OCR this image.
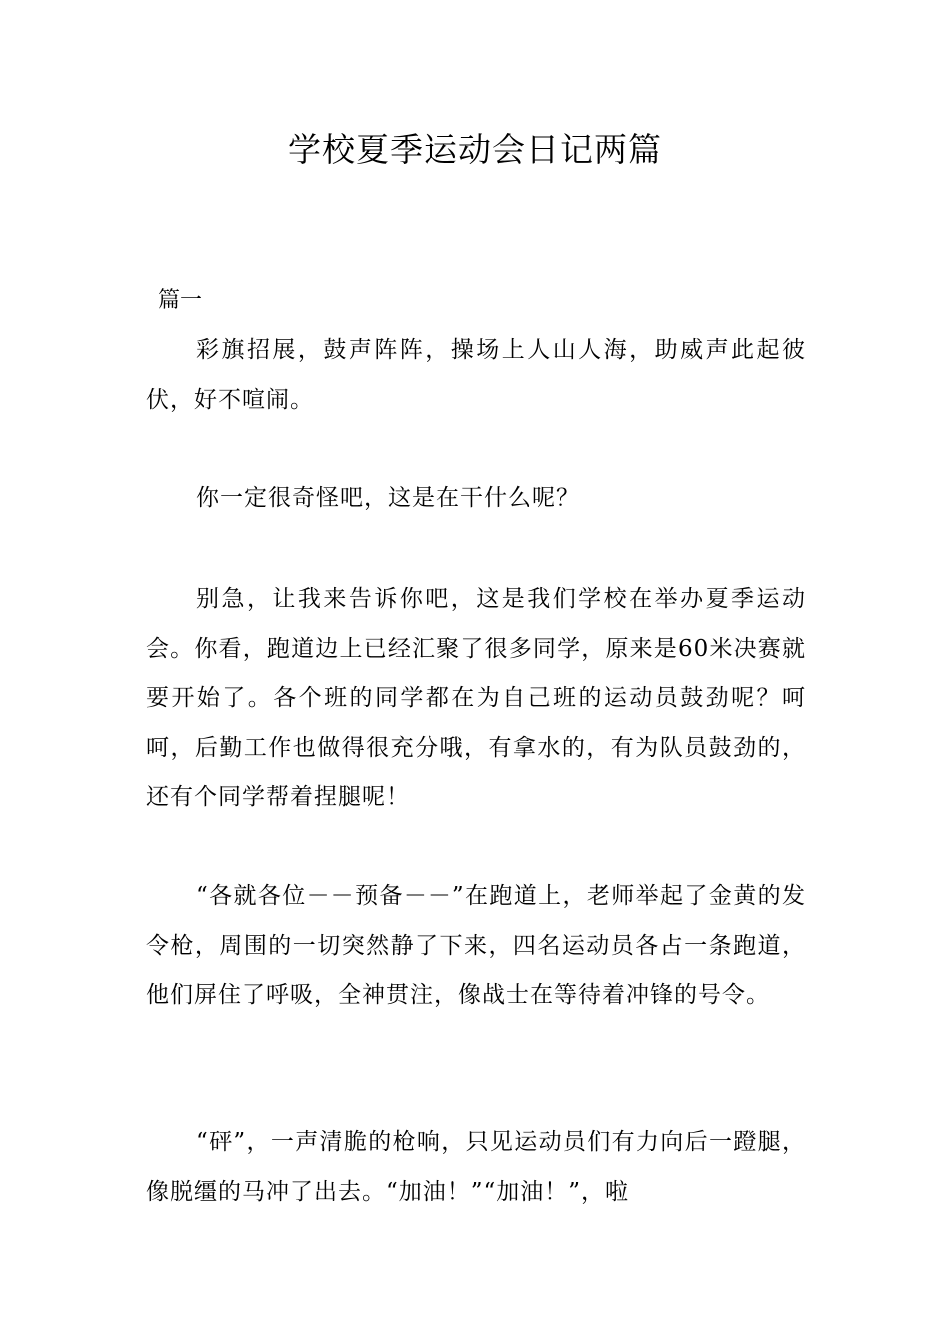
学校夏季运动会日记两篇
篇一

彩旗招展，鼓声阵阵，操场上人山人海，助威声此起彼伏，好不喧闹。

你一定很奇怪吧，这是在干什么呢？

别急，让我来告诉你吧，这是我们学校在举办夏季运动会。你看，跑道边上已经汇聚了很多同学，原来是60米决赛就要开始了。各个班的同学都在为自己班的运动员鼓劲呢？呵呵，后勤工作也做得很充分哦，有拿水的，有为队员鼓劲的，还有个同学帮着捏腿呢！

“各就各位－－预备－－”在跑道上，老师举起了金黄的发令枪，周围的一切突然静了下来，四名运动员各占一条跑道，他们屏住了呼吸，全神贯注，像战士在等待着冲锋的号令。

“砰”，一声清脆的枪响，只见运动员们有力向后一蹬腿，像脱缰的马冲了出去。“加油！”“加油！”，啦
